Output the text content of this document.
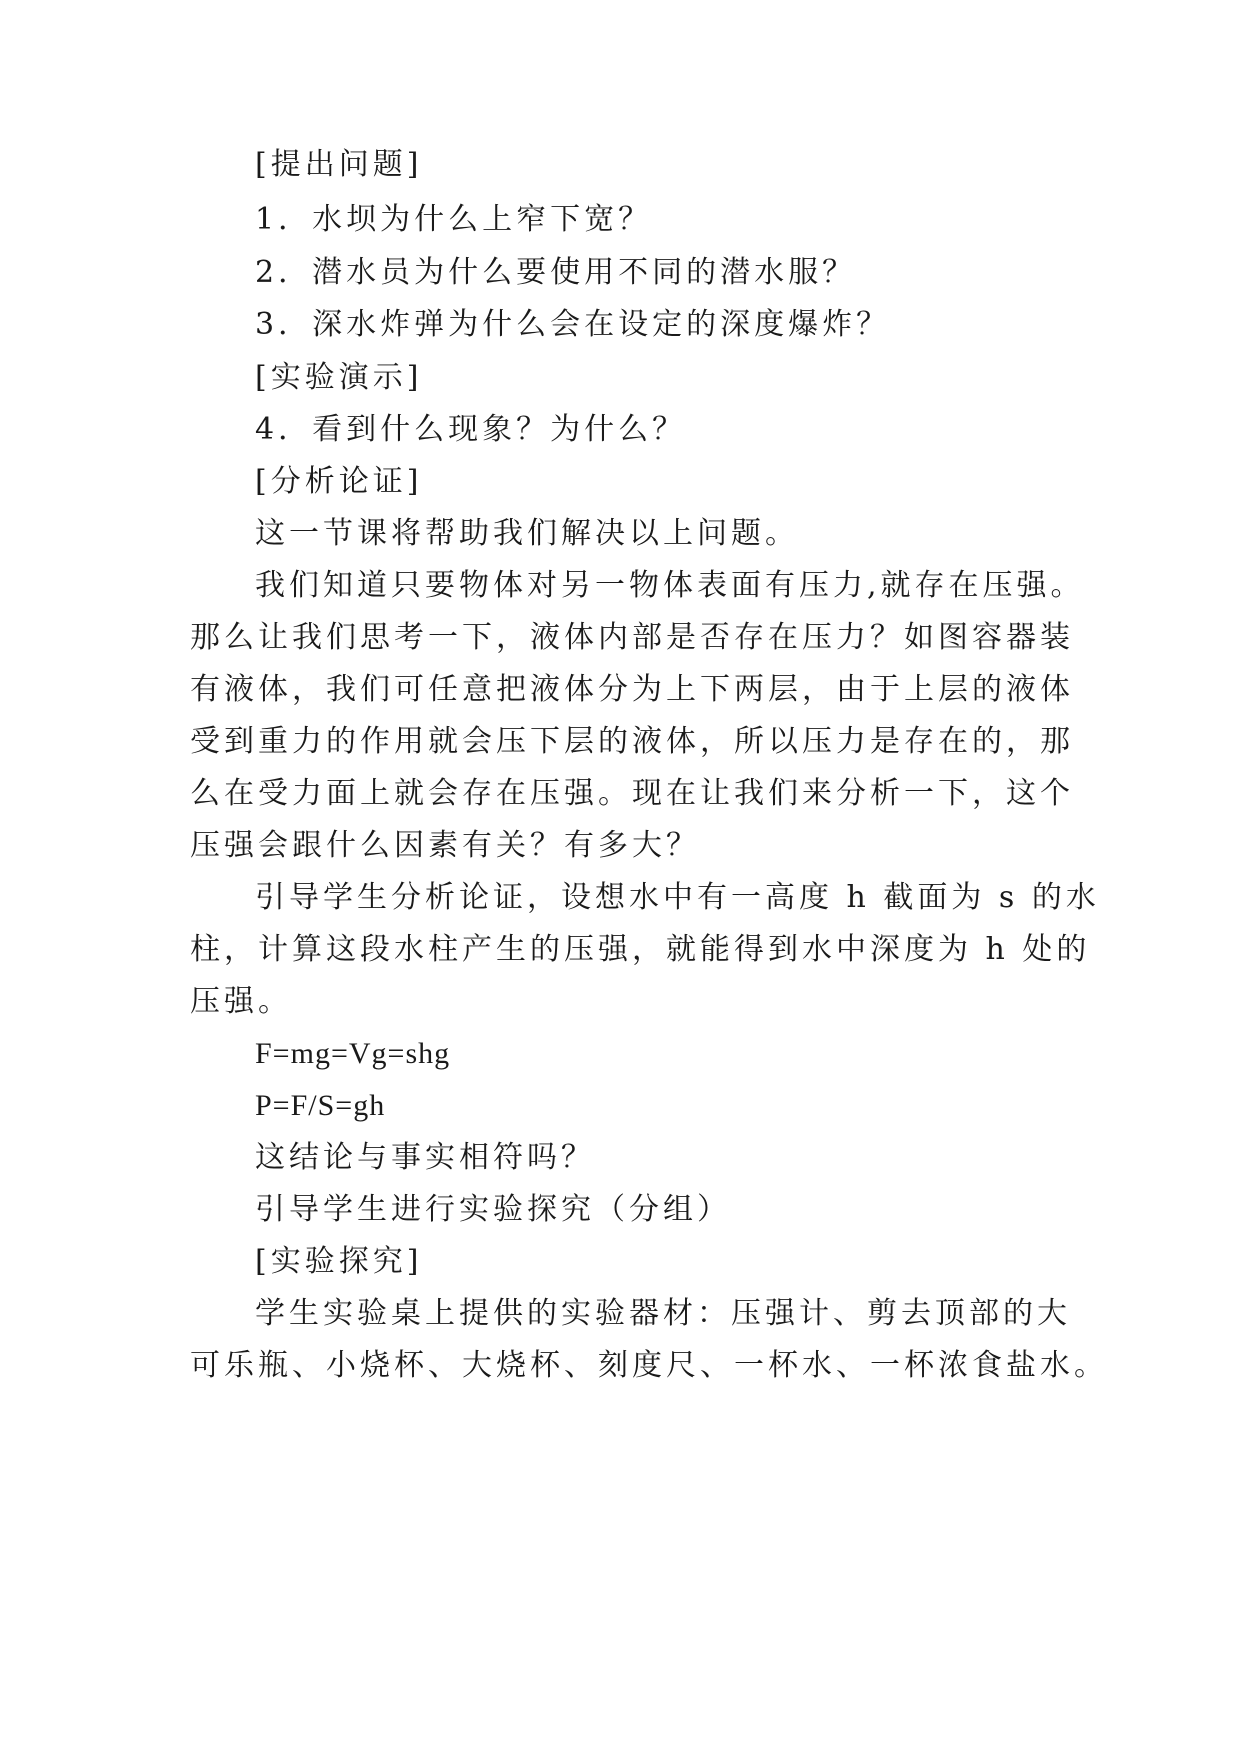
[提出问题]

1．水坝为什么上窄下宽？

2．潜水员为什么要使用不同的潜水服？

3．深水炸弹为什么会在设定的深度爆炸？

[实验演示]

4．看到什么现象？为什么？

[分析论证]

这一节课将帮助我们解决以上问题。

我们知道只要物体对另一物体表面有压力,就存在压强。

那么让我们思考一下，液体内部是否存在压力？如图容器装

有液体，我们可任意把液体分为上下两层，由于上层的液体

受到重力的作用就会压下层的液体，所以压力是存在的，那

么在受力面上就会存在压强。现在让我们来分析一下，这个

压强会跟什么因素有关？有多大？

引导学生分析论证，设想水中有一高度 h 截面为 s 的水

柱，计算这段水柱产生的压强，就能得到水中深度为 h 处的

压强。

F=mg=Vg=shg

P=F/S=gh

这结论与事实相符吗？

引导学生进行实验探究（分组）

[实验探究]

学生实验桌上提供的实验器材：压强计、剪去顶部的大

可乐瓶、小烧杯、大烧杯、刻度尺、一杯水、一杯浓食盐水。
